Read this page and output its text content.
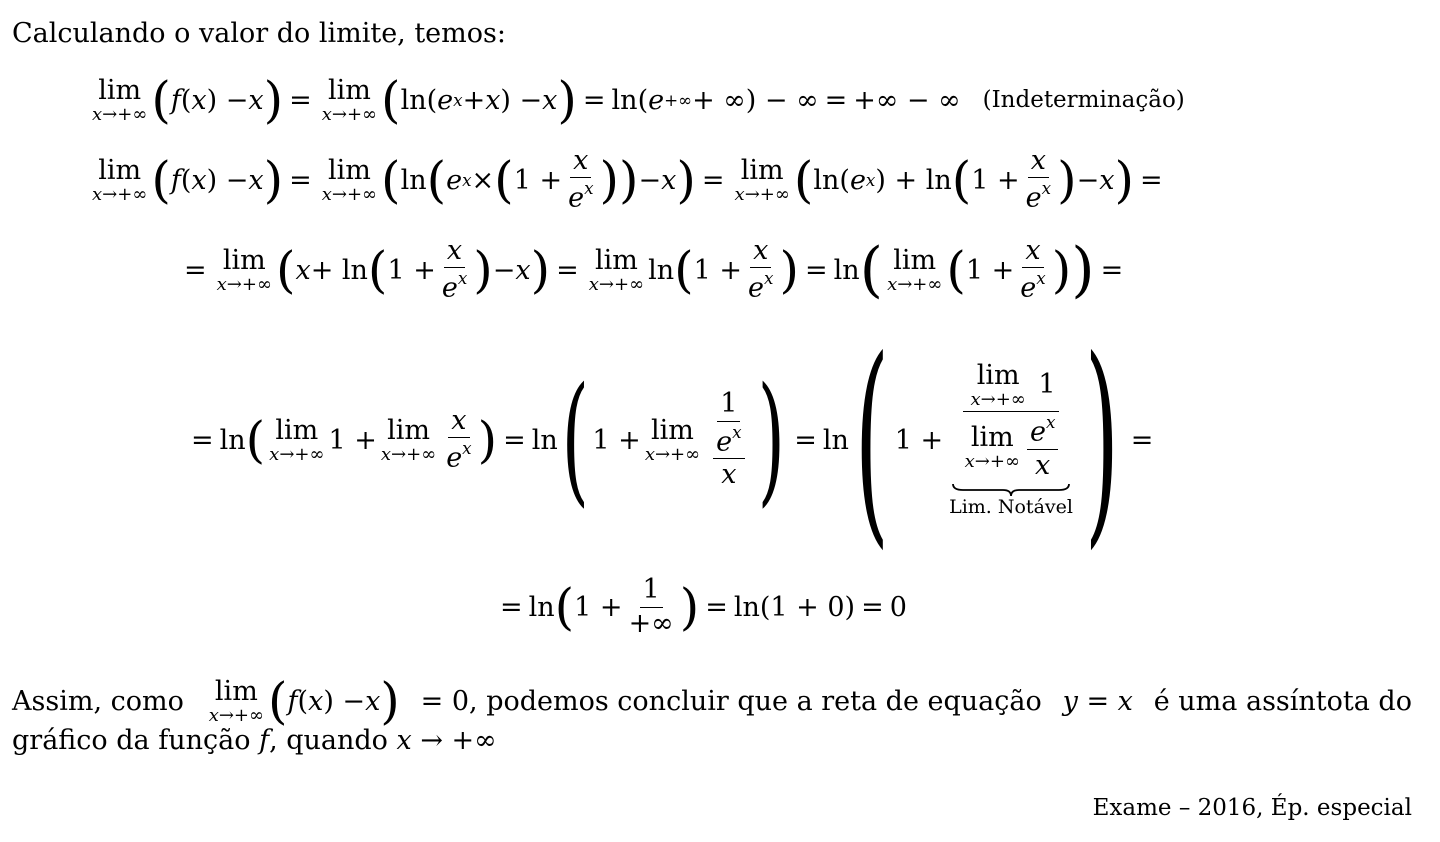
Calculando o valor do limite, temos:
lim
x→+∞ ( f ( x ) − x ) = lim
x→+∞ ( ln( e x + x ) − x ) = ln( e +∞ + ∞) − ∞ = +∞ − ∞ (Indeterminação)
lim
x→+∞ ( f ( x ) − x ) = lim
x→+∞ ( ln ( e x × ( $1 + \frac{x}{e^x}$ ) ) − x ) = lim
x→+∞ ( ln( e x ) + ln ( $1 + \frac{x}{e^x}$ ) − x ) =
= lim
x→+∞ ( x + ln ( $1 + \frac{x}{e^x}$ ) − x ) = lim
x→+∞ ln ( $1 + \frac{x}{e^x}$ ) = ln ( lim
x→+∞ ( $1 + \frac{x}{e^x}$ ) ) =
= ln ( lim
x→+∞ 1 + lim
$x\to+\infty \frac{x}{e^x}$ ) = ln ( 1 + lim
$x\to+\infty \frac{1}{\frac{e^x}{x}}$ ) = ln ( 1 +
lim
x→+∞ 1
lim
$x\to+\infty \frac{e^x}{x}$
Lim. Notável ) =
= ln ( $1 + \frac{1}{+\infty}$ ) = ln(1 + 0) = 0
Assim, como lim
x→+∞ ( f ( x ) − x ) = 0, podemos concluir que a reta de equação y = x é uma assíntota do
gráfico da função f, quando x → +∞
Exame – 2016, Ép. especial
